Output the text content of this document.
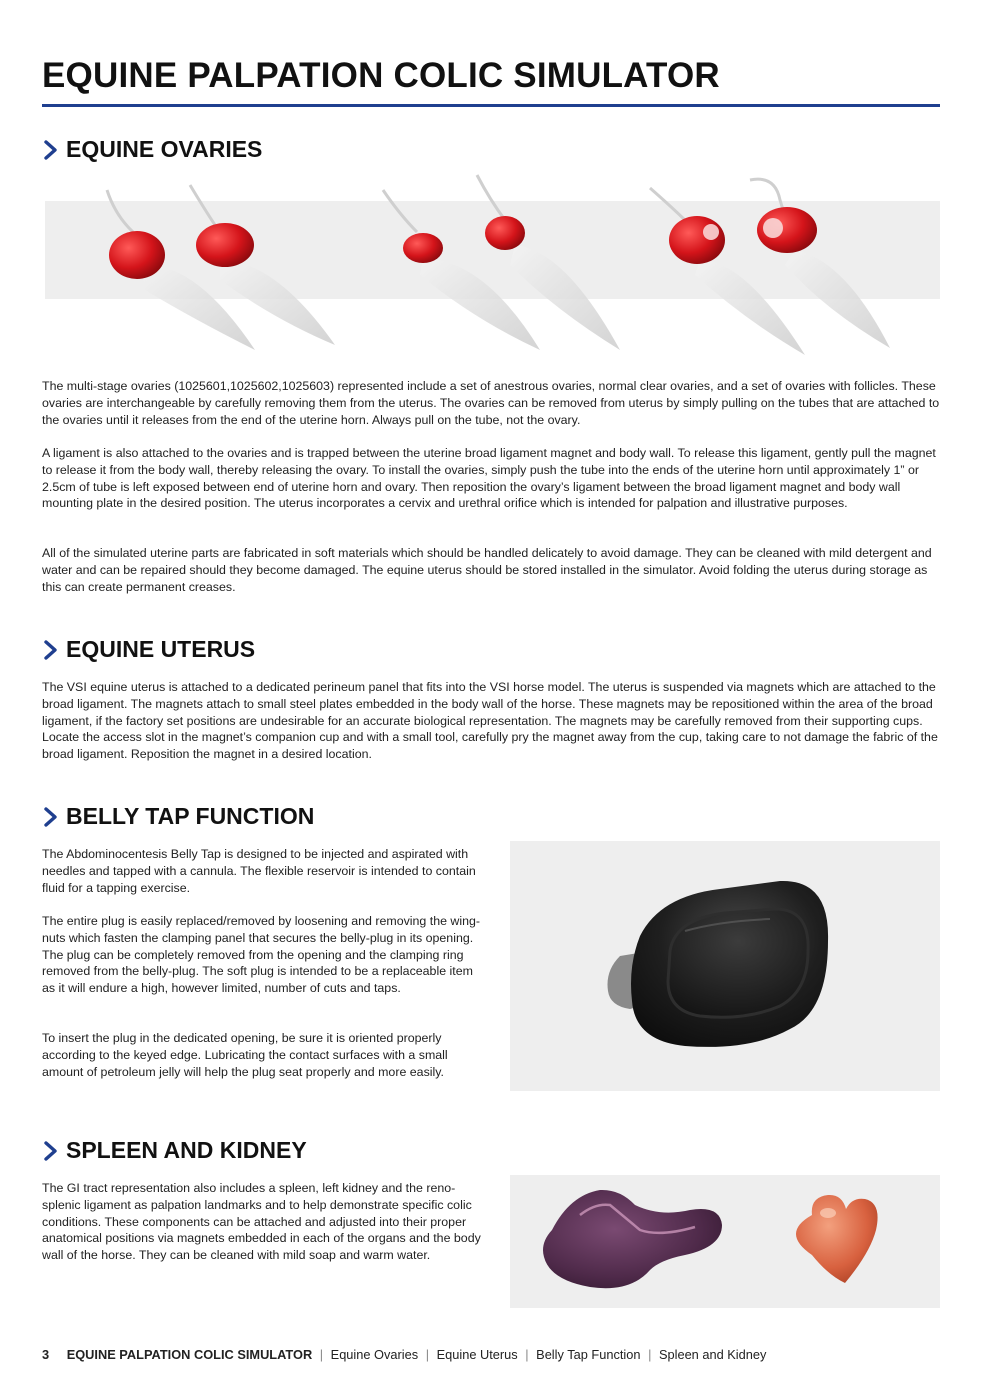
EQUINE PALPATION COLIC SIMULATOR
EQUINE OVARIES

The multi-stage ovaries (1025601,1025602,1025603) represented include a set of anestrous ovaries, normal clear ovaries, and a set of ovaries with follicles. These ovaries are interchangeable by carefully removing them from the uterus. The ovaries can be removed from uterus by simply pulling on the tubes that are attached to the ovaries until it releases from the end of the uterine horn. Always pull on the tube, not the ovary.

A ligament is also attached to the ovaries and is trapped between the uterine broad ligament magnet and body wall. To release this ligament, gently pull the magnet to release it from the body wall, thereby releasing the ovary. To install the ovaries, simply push the tube into the ends of the uterine horn until approximately 1” or 2.5cm of tube is left exposed between end of uterine horn and ovary. Then reposition the ovary’s ligament between the broad ligament magnet and body wall mounting plate in the desired position. The uterus incorporates a cervix and urethral orifice which is intended for palpation and illustrative purposes.

All of the simulated uterine parts are fabricated in soft materials which should be handled delicately to avoid damage. They can be cleaned with mild detergent and water and can be repaired should they become damaged. The equine uterus should be stored installed in the simulator. Avoid folding the uterus during storage as this can create permanent creases.

EQUINE UTERUS

The VSI equine uterus is attached to a dedicated perineum panel that fits into the VSI horse model. The uterus is suspended via magnets which are attached to the broad ligament. The magnets attach to small steel plates embedded in the body wall of the horse. These magnets may be repositioned within the area of the broad ligament, if the factory set positions are undesirable for an accurate biological representation. The magnets may be carefully removed from their supporting cups. Locate the access slot in the magnet’s companion cup and with a small tool, carefully pry the magnet away from the cup, taking care to not damage the fabric of the broad ligament. Reposition the magnet in a desired location.

BELLY TAP FUNCTION

The Abdominocentesis Belly Tap is designed to be injected and aspirated with needles and tapped with a cannula. The flexible reservoir is intended to contain fluid for a tapping exercise.

The entire plug is easily replaced/removed by loosening and removing the wing-nuts which fasten the clamping panel that secures the belly-plug in its opening. The plug can be completely removed from the opening and the clamping ring removed from the belly-plug. The soft plug is intended to be a replaceable item as it will endure a high, however limited, number of cuts and taps.

To insert the plug in the dedicated opening, be sure it is oriented properly according to the keyed edge. Lubricating the contact surfaces with a small amount of petroleum jelly will help the plug seat properly and more easily.

SPLEEN AND KIDNEY

The GI tract representation also includes a spleen, left kidney and the reno-splenic ligament as palpation landmarks and to help demonstrate specific colic conditions. These components can be attached and adjusted into their proper anatomical positions via magnets embedded in each of the organs and the body wall of the horse. They can be cleaned with mild soap and warm water.

3 EQUINE PALPATION COLIC SIMULATOR | Equine Ovaries | Equine Uterus | Belly Tap Function | Spleen and Kidney
